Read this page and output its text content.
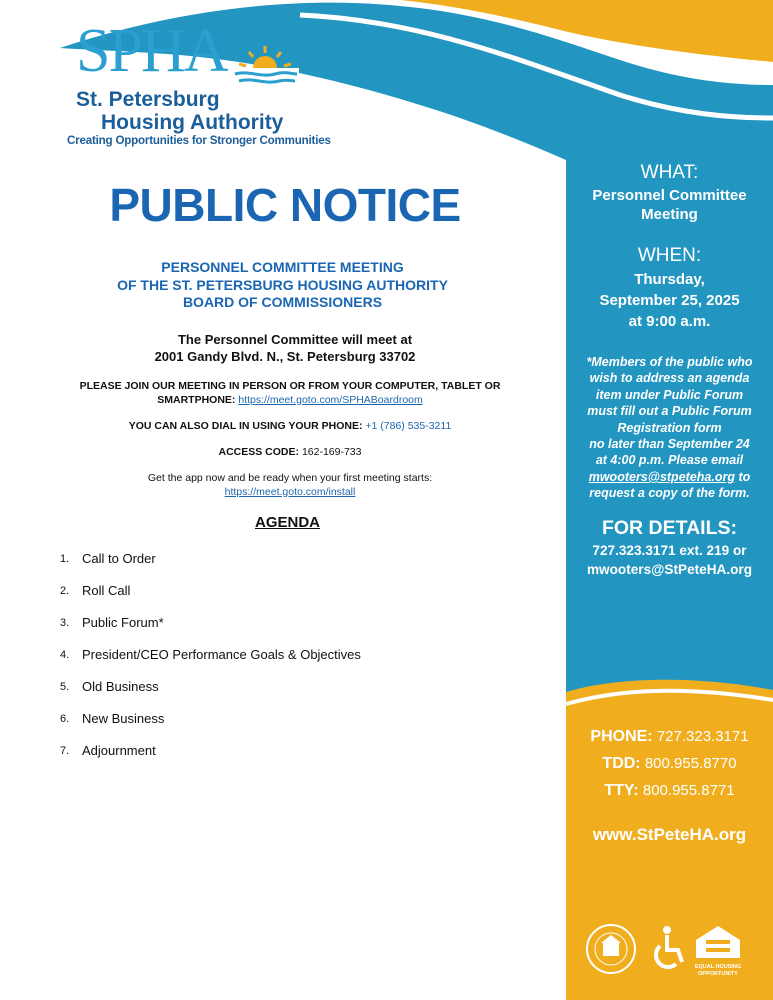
SPHA
St. Petersburg
Housing Authority
Creating Opportunities for Stronger Communities
PUBLIC NOTICE
PERSONNEL COMMITTEE MEETING
OF THE ST. PETERSBURG HOUSING AUTHORITY
BOARD OF COMMISSIONERS
The Personnel Committee will meet at
2001 Gandy Blvd. N., St. Petersburg 33702
PLEASE JOIN OUR MEETING IN PERSON OR FROM YOUR COMPUTER, TABLET OR SMARTPHONE: https://meet.goto.com/SPHABoardroom
YOU CAN ALSO DIAL IN USING YOUR PHONE: +1 (786) 535-3211
ACCESS CODE: 162-169-733
Get the app now and be ready when your first meeting starts:
https://meet.goto.com/install
AGENDA
1. Call to Order
2. Roll Call
3. Public Forum*
4. President/CEO Performance Goals & Objectives
5. Old Business
6. New Business
7. Adjournment
WHAT:
Personnel Committee
Meeting
WHEN:
Thursday,
September 25, 2025
at 9:00 a.m.
*Members of the public who
wish to address an agenda
item under Public Forum
must fill out a Public Forum
Registration form
no later than September 24
at 4:00 p.m. Please email
mwooters@stpeteha.org to
request a copy of the form.
FOR DETAILS:
727.323.3171 ext. 219 or
mwooters@StPeteHA.org
PHONE: 727.323.3171
TDD: 800.955.8770
TTY: 800.955.8771
www.StPeteHA.org
EQUAL HOUSING
OPPORTUNITY
